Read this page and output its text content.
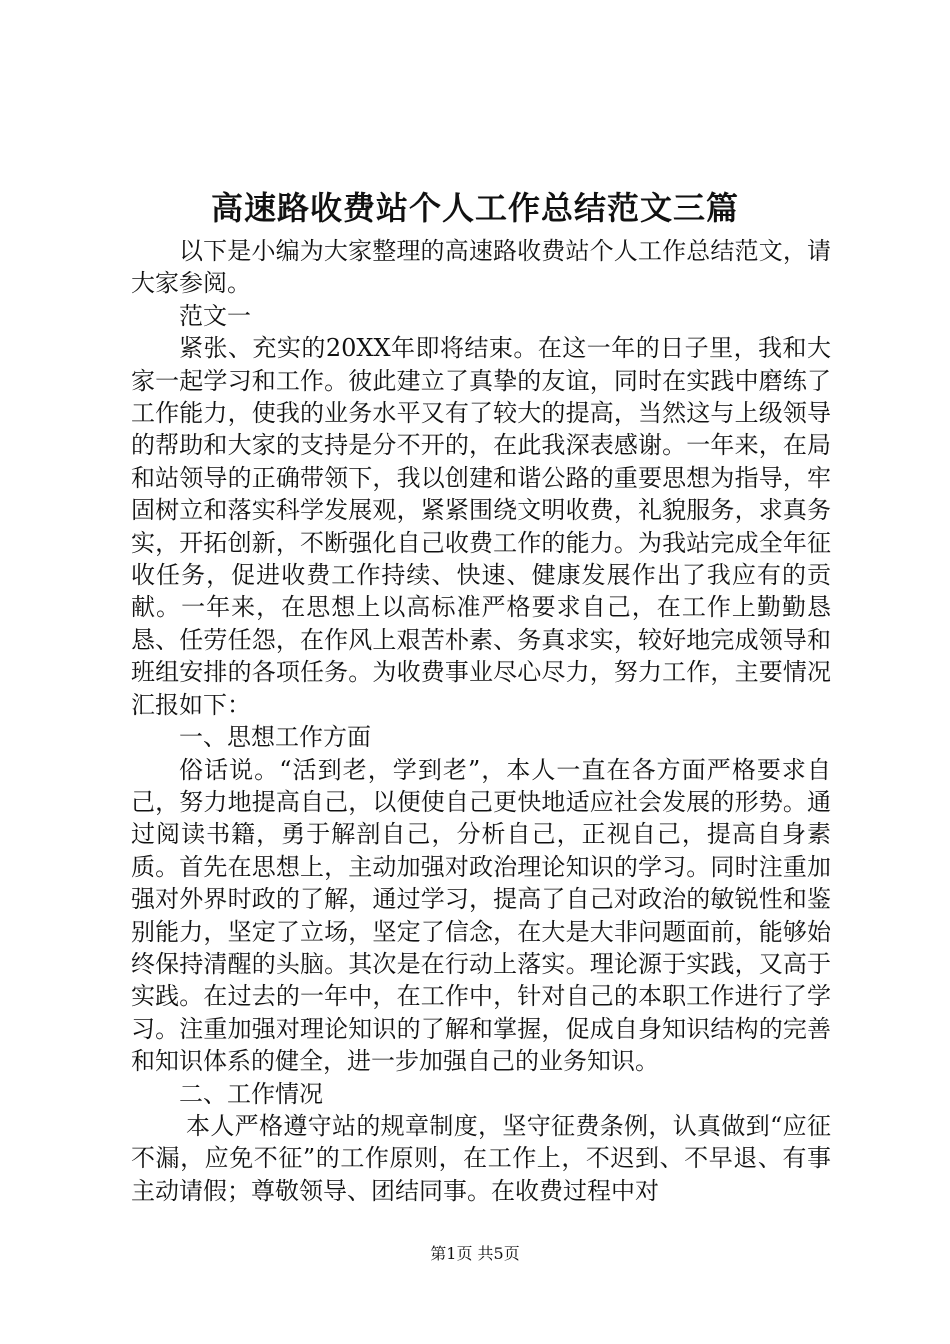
高速路收费站个人工作总结范文三篇

以下是小编为大家整理的高速路收费站个人工作总结范文，请大家参阅。

范文一

紧张、充实的20XX年即将结束。在这一年的日子里，我和大家一起学习和工作。彼此建立了真挚的友谊，同时在实践中磨练了工作能力，使我的业务水平又有了较大的提高，当然这与上级领导的帮助和大家的支持是分不开的，在此我深表感谢。一年来，在局和站领导的正确带领下，我以创建和谐公路的重要思想为指导，牢固树立和落实科学发展观，紧紧围绕文明收费，礼貌服务，求真务实，开拓创新，不断强化自己收费工作的能力。为我站完成全年征收任务，促进收费工作持续、快速、健康发展作出了我应有的贡献。一年来，在思想上以高标准严格要求自己，在工作上勤勤恳恳、任劳任怨，在作风上艰苦朴素、务真求实，较好地完成领导和班组安排的各项任务。为收费事业尽心尽力，努力工作，主要情况汇报如下：

一、思想工作方面

俗话说。“活到老，学到老”，本人一直在各方面严格要求自己，努力地提高自己，以便使自己更快地适应社会发展的形势。通过阅读书籍，勇于解剖自己，分析自己，正视自己，提高自身素质。首先在思想上，主动加强对政治理论知识的学习。同时注重加强对外界时政的了解，通过学习，提高了自己对政治的敏锐性和鉴别能力，坚定了立场，坚定了信念，在大是大非问题面前，能够始终保持清醒的头脑。其次是在行动上落实。理论源于实践，又高于实践。在过去的一年中，在工作中，针对自己的本职工作进行了学习。注重加强对理论知识的了解和掌握，促成自身知识结构的完善和知识体系的健全，进一步加强自己的业务知识。

二、工作情况

本人严格遵守站的规章制度，坚守征费条例，认真做到“应征不漏，应免不征”的工作原则，在工作上，不迟到、不早退、有事主动请假；尊敬领导、团结同事。在收费过程中对

第1页 共5页
